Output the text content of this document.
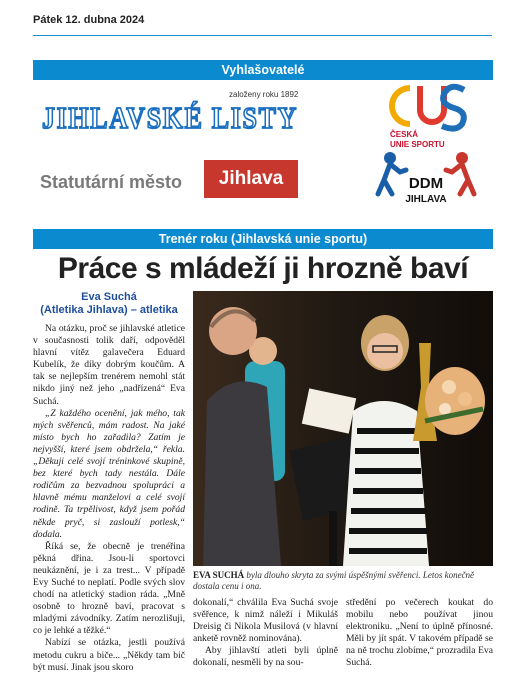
Pátek 12. dubna 2024
Vyhlašovatelé
JIHLAVSKÉ LISTY
založeny roku 1892
ČESKÁ
UNIE SPORTU
Statutární město	Jihlava	DDM
JIHLAVA
Trenér roku (Jihlavská unie sportu)
Práce s mládeží ji hrozně baví
Eva Suchá
(Atletika Jihlava) – atletika

Na otázku, proč se jihlavské atletice v současnosti tolik daří, odpověděl hlavní vítěz galavečera Eduard Kubelík, že díky dobrým koučům. A tak se nejlepším trenérem nemohl stát nikdo jiný než jeho „nadřízená“ Eva Suchá.

„Z každého ocenění, jak mého, tak mých svěřenců, mám radost. Na jaké místo bych ho zařadila? Zatím je nejvyšší, které jsem obdržela,“ řekla. „Děkuji celé svojí tréninkové skupině, bez které bych tady nestála. Dále rodičům za bezvadnou spolupráci a hlavně mému manželovi a celé svojí rodině. Ta trpělivost, když jsem pořád někde pryč, si zaslouží potlesk,“ dodala.

Říká se, že obecně je trenéřina pěkná dřina. Jsou-li sportovci neukáznění, je i za trest... V případě Evy Suché to neplatí. Podle svých slov chodí na atletický stadion ráda. „Mně osobně to hrozně baví, pracovat s mladými závodníky. Zatím nerozlišuji, co je lehké a těžké.“

Nabízí se otázka, jestli používá metodu cukru a biče... „Někdy tam bič být musí. Jinak jsou skoro

EVA SUCHÁ byla dlouho skryta za svými úspěšnými svěřenci. Letos konečně dostala cenu i ona.

dokonalí,“ chválila Eva Suchá svoje svěřence, k nimž náleží i Mikuláš Dreisig či Nikola Musilová (v hlavní anketě rovněž nominována).

Aby jihlavští atleti byli úplně dokonalí, nesměli by na sou-

středění po večerech koukat do mobilu nebo používat jinou elektroniku. „Není to úplně přínosné. Měli by jít spát. V takovém případě se na ně trochu zlobíme,“ prozradila Eva Suchá.
